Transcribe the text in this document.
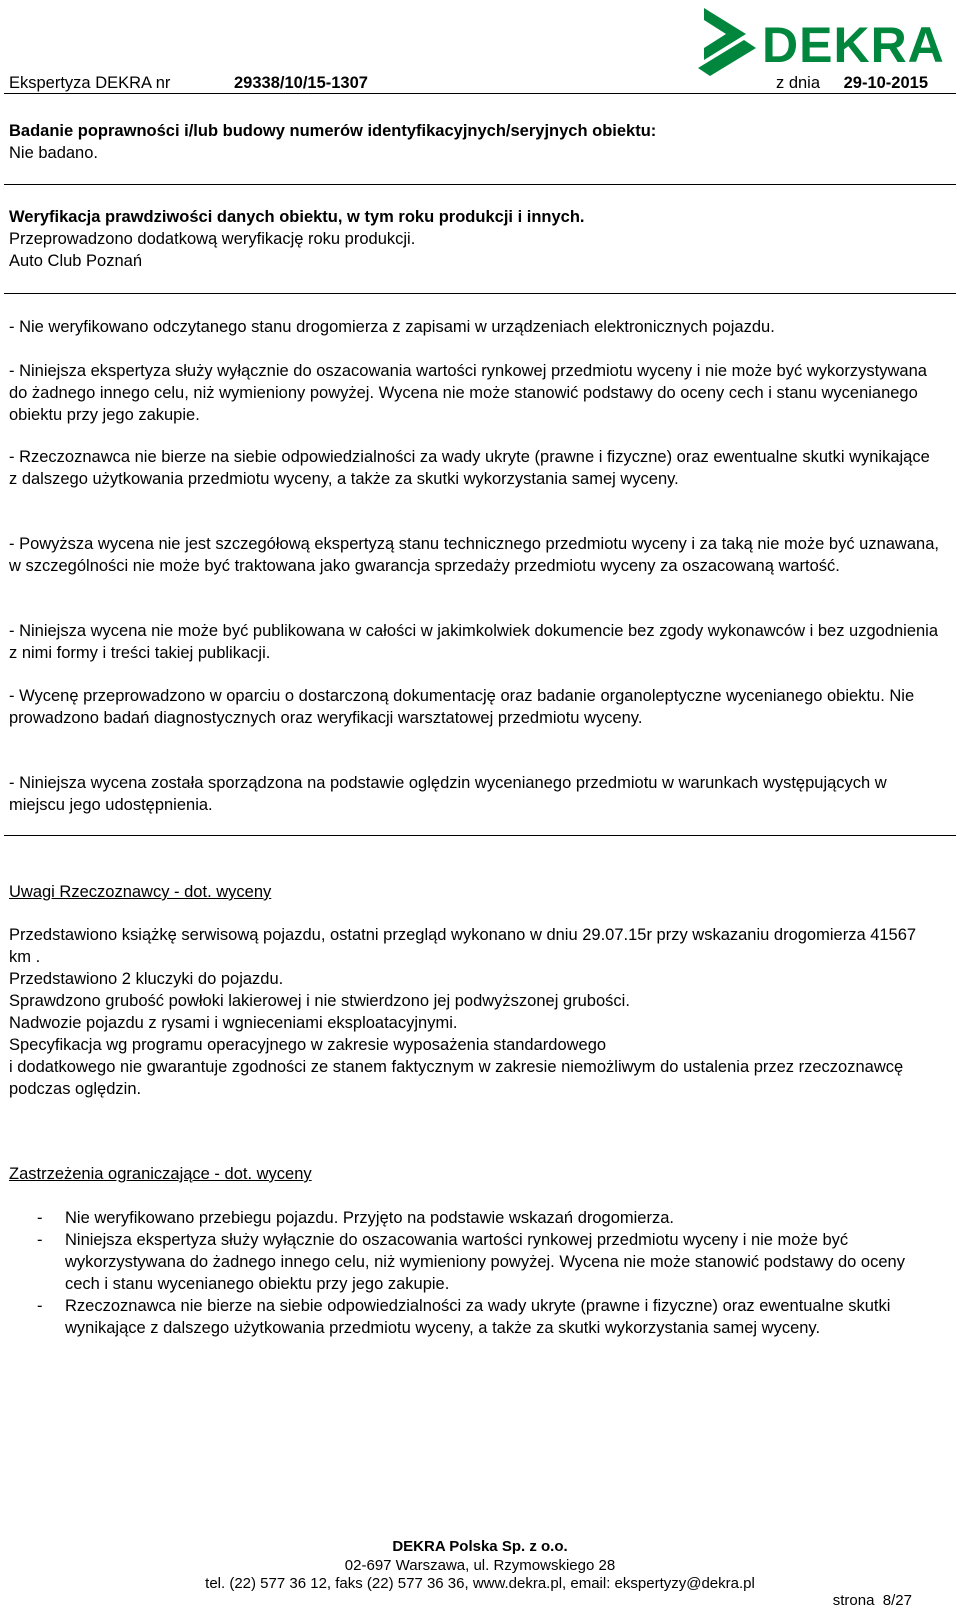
DEKRA
Ekspertyza DEKRA nr	29338/10/15-1307	z dnia 29-10-2015

Badanie poprawności i/lub budowy numerów identyfikacyjnych/seryjnych obiektu:

Nie badano.

Weryfikacja prawdziwości danych obiektu, w tym roku produkcji i innych.

Przeprowadzono dodatkową weryfikację roku produkcji.

Auto Club Poznań

- Nie weryfikowano odczytanego stanu drogomierza z zapisami w urządzeniach elektronicznych pojazdu.

- Niniejsza ekspertyza służy wyłącznie do oszacowania wartości rynkowej przedmiotu wyceny i nie może być wykorzystywana do żadnego innego celu, niż wymieniony powyżej. Wycena nie może stanowić podstawy do oceny cech i stanu wycenianego obiektu przy jego zakupie.

- Rzeczoznawca nie bierze na siebie odpowiedzialności za wady ukryte (prawne i fizyczne) oraz ewentualne skutki wynikające z dalszego użytkowania przedmiotu wyceny, a także za skutki wykorzystania samej wyceny.

- Powyższa wycena nie jest szczegółową ekspertyzą stanu technicznego przedmiotu wyceny i za taką nie może być uznawana, w szczególności nie może być traktowana jako gwarancja sprzedaży przedmiotu wyceny za oszacowaną wartość.

- Niniejsza wycena nie może być publikowana w całości w jakimkolwiek dokumencie bez zgody wykonawców i bez uzgodnienia z nimi formy i treści takiej publikacji.

- Wycenę przeprowadzono w oparciu o dostarczoną dokumentację oraz badanie organoleptyczne wycenianego obiektu. Nie prowadzono badań diagnostycznych oraz weryfikacji warsztatowej przedmiotu wyceny.

- Niniejsza wycena została sporządzona na podstawie oględzin wycenianego przedmiotu w warunkach występujących w miejscu jego udostępnienia.

Uwagi Rzeczoznawcy - dot. wyceny

Przedstawiono książkę serwisową pojazdu, ostatni przegląd wykonano w dniu 29.07.15r przy wskazaniu drogomierza 41567 km .

Przedstawiono 2 kluczyki do pojazdu.

Sprawdzono grubość powłoki lakierowej i nie stwierdzono jej podwyższonej grubości.

Nadwozie pojazdu z rysami i wgnieceniami eksploatacyjnymi.

Specyfikacja wg programu operacyjnego w zakresie wyposażenia standardowego

i dodatkowego nie gwarantuje zgodności ze stanem faktycznym w zakresie niemożliwym do ustalenia przez rzeczoznawcę podczas oględzin.

Zastrzeżenia ograniczające - dot. wyceny

- Nie weryfikowano przebiegu pojazdu. Przyjęto na podstawie wskazań drogomierza.
- Niniejsza ekspertyza służy wyłącznie do oszacowania wartości rynkowej przedmiotu wyceny i nie może być wykorzystywana do żadnego innego celu, niż wymieniony powyżej. Wycena nie może stanowić podstawy do oceny cech i stanu wycenianego obiektu przy jego zakupie.
- Rzeczoznawca nie bierze na siebie odpowiedzialności za wady ukryte (prawne i fizyczne) oraz ewentualne skutki wynikające z dalszego użytkowania przedmiotu wyceny, a także za skutki wykorzystania samej wyceny.
strona 8/27
DEKRA Polska Sp. z o.o.
02-697 Warszawa, ul. Rzymowskiego 28
tel. (22) 577 36 12, faks (22) 577 36 36, www.dekra.pl, email: ekspertyzy@dekra.pl
